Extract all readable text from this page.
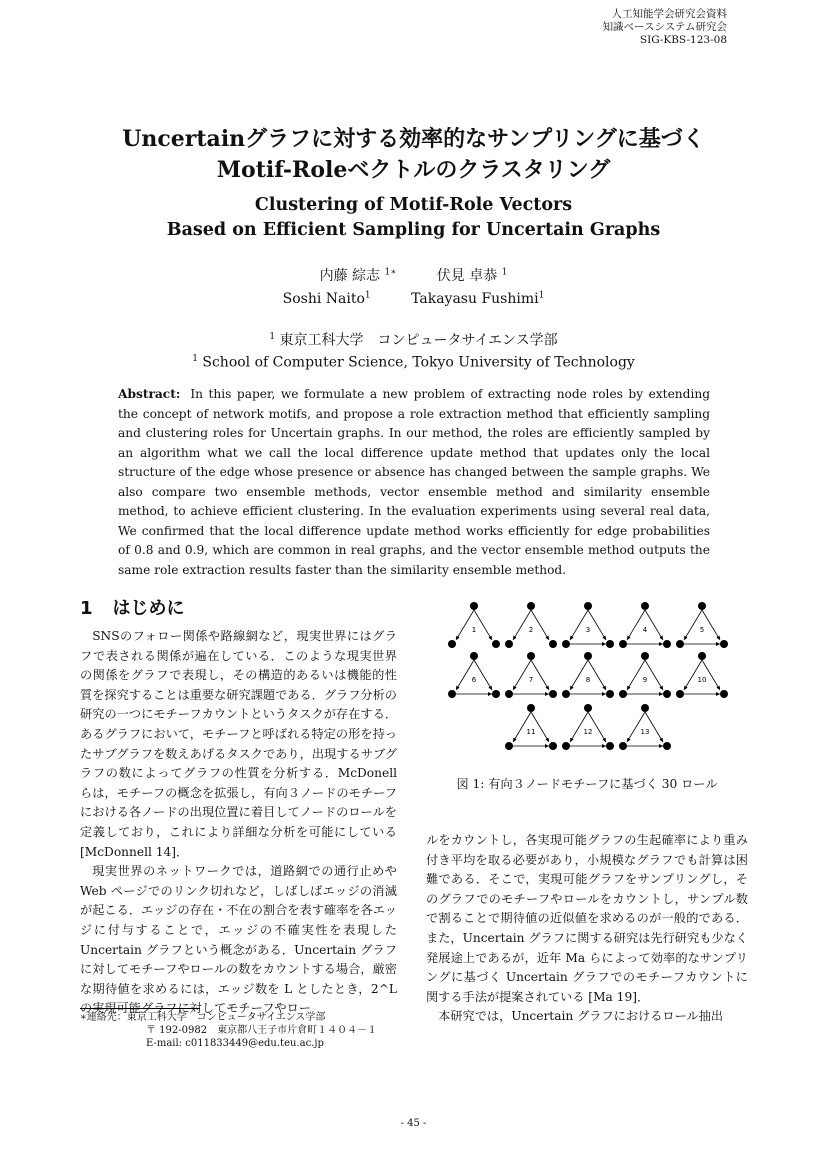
人工知能学会研究会資料
知識ベースシステム研究会
SIG-KBS-123-08
Uncertainグラフに対する効率的なサンプリングに基づく
Motif-Roleベクトルのクラスタリング
Clustering of Motif-Role Vectors
Based on Efficient Sampling for Uncertain Graphs
内藤 綜志 $^{1∗}$	伏見 卓恭 $^1$
Soshi Naito$^1$	Takayasu Fushimi$^1$
$^1$ 東京工科大学　コンピュータサイエンス学部
$^1$ School of Computer Science, Tokyo University of Technology
Abstract: In this paper, we formulate a new problem of extracting node roles by extending the concept of network motifs, and propose a role extraction method that efficiently sampling and clustering roles for Uncertain graphs. In our method, the roles are efficiently sampled by an algorithm what we call the local difference update method that updates only the local structure of the edge whose presence or absence has changed between the sample graphs. We also compare two ensemble methods, vector ensemble method and similarity ensemble method, to achieve efficient clustering. In the evaluation experiments using several real data, We confirmed that the local difference update method works efficiently for edge probabilities of 0.8 and 0.9, which are common in real graphs, and the vector ensemble method outputs the same role extraction results faster than the similarity ensemble method.
1 はじめに

SNSのフォロー関係や路線網など，現実世界にはグラフで表される関係が遍在している．このような現実世界の関係をグラフで表現し，その構造的あるいは機能的性質を探究することは重要な研究課題である．グラフ分析の研究の一つにモチーフカウントというタスクが存在する．あるグラフにおいて，モチーフと呼ばれる特定の形を持ったサブグラフを数えあげるタスクであり，出現するサブグラフの数によってグラフの性質を分析する．McDonell らは，モチーフの概念を拡張し，有向３ノードのモチーフにおける各ノードの出現位置に着目してノードのロールを定義しており，これにより詳細な分析を可能にしている [McDonnell 14]．

現実世界のネットワークでは，道路網での通行止めや Web ページでのリンク切れなど，しばしばエッジの消滅が起こる．エッジの存在・不在の割合を表す確率を各エッジに付与することで，エッジの不確実性を表現した Uncertain グラフという概念がある．Uncertain グラフに対してモチーフやロールの数をカウントする場合，厳密な期待値を求めるには，エッジ数を L としたとき，2^L の実現可能グラフに対してモチーフやロー

1	2	3	4	5
6	7	8	9	10
11	12	13
図 1: 有向３ノードモチーフに基づく 30 ロール

ルをカウントし，各実現可能グラフの生起確率により重み付き平均を取る必要があり，小規模なグラフでも計算は困難である．そこで，実現可能グラフをサンプリングし，そのグラフでのモチーフやロールをカウントし，サンプル数で割ることで期待値の近似値を求めるのが一般的である．また，Uncertain グラフに関する研究は先行研究も少なく発展途上であるが，近年 Ma らによって効率的なサンプリングに基づく Uncertain グラフでのモチーフカウントに関する手法が提案されている [Ma 19]．

本研究では，Uncertain グラフにおけるロール抽出

∗連絡先：東京工科大学　コンピュータサイエンス学部
〒 192-0982　東京都八王子市片倉町１４０４－１
E-mail: c011833449@edu.teu.ac.jp
- 45 -
